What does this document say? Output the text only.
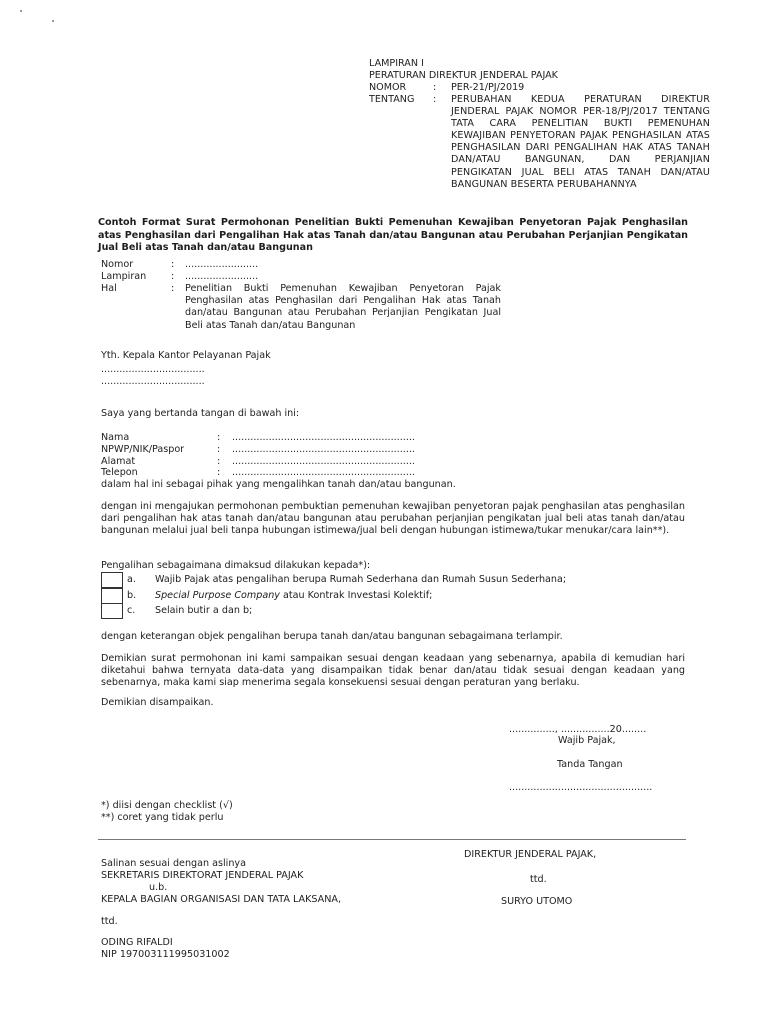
LAMPIRAN I
PERATURAN DIREKTUR JENDERAL PAJAK
NOMOR	: PER-21/PJ/2019
TENTANG : PERUBAHAN KEDUA PERATURAN DIREKTUR JENDERAL PAJAK NOMOR PER-18/PJ/2017 TENTANG TATA CARA PENELITIAN BUKTI PEMENUHAN KEWAJIBAN PENYETORAN PAJAK PENGHASILAN ATAS PENGHASILAN DARI PENGALIHAN HAK ATAS TANAH DAN/ATAU BANGUNAN, DAN PERJANJIAN PENGIKATAN JUAL BELI ATAS TANAH DAN/ATAU BANGUNAN BESERTA PERUBAHANNYA
Contoh Format Surat Permohonan Penelitian Bukti Pemenuhan Kewajiban Penyetoran Pajak Penghasilan atas Penghasilan dari Pengalihan Hak atas Tanah dan/atau Bangunan atau Perubahan Perjanjian Pengikatan Jual Beli atas Tanah dan/atau Bangunan
Nomor	: ........................
Lampiran	: ........................
Hal	: Penelitian Bukti Pemenuhan Kewajiban Penyetoran Pajak Penghasilan atas Penghasilan dari Pengalihan Hak atas Tanah dan/atau Bangunan atau Perubahan Perjanjian Pengikatan Jual Beli atas Tanah dan/atau Bangunan
Yth. Kepala Kantor Pelayanan Pajak
..................................
..................................
Saya yang bertanda tangan di bawah ini:
Nama	: ............................................................
NPWP/NIK/Paspor	: ............................................................
Alamat	: ............................................................
Telepon	: ............................................................
dalam hal ini sebagai pihak yang mengalihkan tanah dan/atau bangunan.
dengan ini mengajukan permohonan pembuktian pemenuhan kewajiban penyetoran pajak penghasilan atas penghasilan dari pengalihan hak atas tanah dan/atau bangunan atau perubahan perjanjian pengikatan jual beli atas tanah dan/atau bangunan melalui jual beli tanpa hubungan istimewa/jual beli dengan hubungan istimewa/tukar menukar/cara lain**).
Pengalihan sebagaimana dimaksud dilakukan kepada*):
a. Wajib Pajak atas pengalihan berupa Rumah Sederhana dan Rumah Susun Sederhana;
b. Special Purpose Company atau Kontrak Investasi Kolektif;
c. Selain butir a dan b;
dengan keterangan objek pengalihan berupa tanah dan/atau bangunan sebagaimana terlampir.
Demikian surat permohonan ini kami sampaikan sesuai dengan keadaan yang sebenarnya, apabila di kemudian hari diketahui bahwa ternyata data-data yang disampaikan tidak benar dan/atau tidak sesuai dengan keadaan yang sebenarnya, maka kami siap menerima segala konsekuensi sesuai dengan peraturan yang berlaku.
Demikian disampaikan.
..............., ................20........
Wajib Pajak,
Tanda Tangan
...............................................
*) diisi dengan checklist (√)
**) coret yang tidak perlu
Salinan sesuai dengan aslinya
SEKRETARIS DIREKTORAT JENDERAL PAJAK
u.b.
KEPALA BAGIAN ORGANISASI DAN TATA LAKSANA,
ttd.
ODING RIFALDI
NIP 197003111995031002
DIREKTUR JENDERAL PAJAK,
ttd.
SURYO UTOMO
